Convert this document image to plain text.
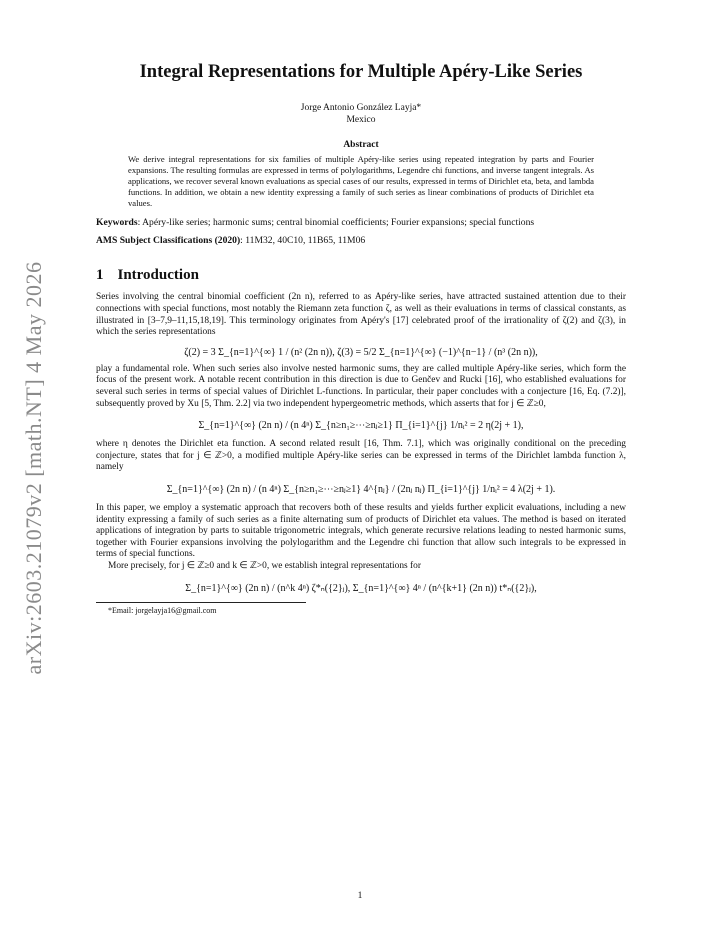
arXiv:2603.21079v2 [math.NT] 4 May 2026
Integral Representations for Multiple Apéry-Like Series
Jorge Antonio González Layja*
Mexico
Abstract
We derive integral representations for six families of multiple Apéry-like series using repeated integration by parts and Fourier expansions. The resulting formulas are expressed in terms of polylogarithms, Legendre chi functions, and inverse tangent integrals. As applications, we recover several known evaluations as special cases of our results, expressed in terms of Dirichlet eta, beta, and lambda functions. In addition, we obtain a new identity expressing a family of such series as linear combinations of products of Dirichlet eta values.
Keywords: Apéry-like series; harmonic sums; central binomial coefficients; Fourier expansions; special functions
AMS Subject Classifications (2020): 11M32, 40C10, 11B65, 11M06
1 Introduction

Series involving the central binomial coefficient (2n n), referred to as Apéry-like series, have attracted sustained attention due to their connections with special functions, most notably the Riemann zeta function ζ, as well as their evaluations in terms of classical constants, as illustrated in [3–7,9–11,15,18,19]. This terminology originates from Apéry's [17] celebrated proof of the irrationality of ζ(2) and ζ(3), in which the series representations

ζ(2) = 3 Σ_{n=1}^{∞} 1 / (n² (2n n)), ζ(3) = 5/2 Σ_{n=1}^{∞} (−1)^{n−1} / (n³ (2n n)),

play a fundamental role. When such series also involve nested harmonic sums, they are called multiple Apéry-like series, which form the focus of the present work. A notable recent contribution in this direction is due to Genčev and Rucki [16], who established evaluations for several such series in terms of special values of Dirichlet L-functions. In particular, their paper concludes with a conjecture [16, Eq. (7.2)], subsequently proved by Xu [5, Thm. 2.2] via two independent hypergeometric methods, which asserts that for j ∈ ℤ≥0,

Σ_{n=1}^{∞} (2n n) / (n 4ⁿ) Σ_{n≥n₁≥⋯≥nⱼ≥1} Π_{i=1}^{j} 1/nᵢ² = 2 η(2j + 1),

where η denotes the Dirichlet eta function. A second related result [16, Thm. 7.1], which was originally conditional on the preceding conjecture, states that for j ∈ ℤ>0, a modified multiple Apéry-like series can be expressed in terms of the Dirichlet lambda function λ, namely

Σ_{n=1}^{∞} (2n n) / (n 4ⁿ) Σ_{n≥n₁≥⋯≥nⱼ≥1} 4^{nⱼ} / (2nⱼ nⱼ) Π_{i=1}^{j} 1/nᵢ² = 4 λ(2j + 1).

In this paper, we employ a systematic approach that recovers both of these results and yields further explicit evaluations, including a new identity expressing a family of such series as a finite alternating sum of products of Dirichlet eta values. The method is based on iterated applications of integration by parts to suitable trigonometric integrals, which generate recursive relations leading to nested harmonic sums, together with Fourier expansions involving the polylogarithm and the Legendre chi function that allow such integrals to be expressed in terms of special functions.

More precisely, for j ∈ ℤ≥0 and k ∈ ℤ>0, we establish integral representations for

Σ_{n=1}^{∞} (2n n) / (n^k 4ⁿ) ζ*ₙ({2}ⱼ), Σ_{n=1}^{∞} 4ⁿ / (n^{k+1} (2n n)) t*ₙ({2}ⱼ),
*Email: jorgelayja16@gmail.com
1
